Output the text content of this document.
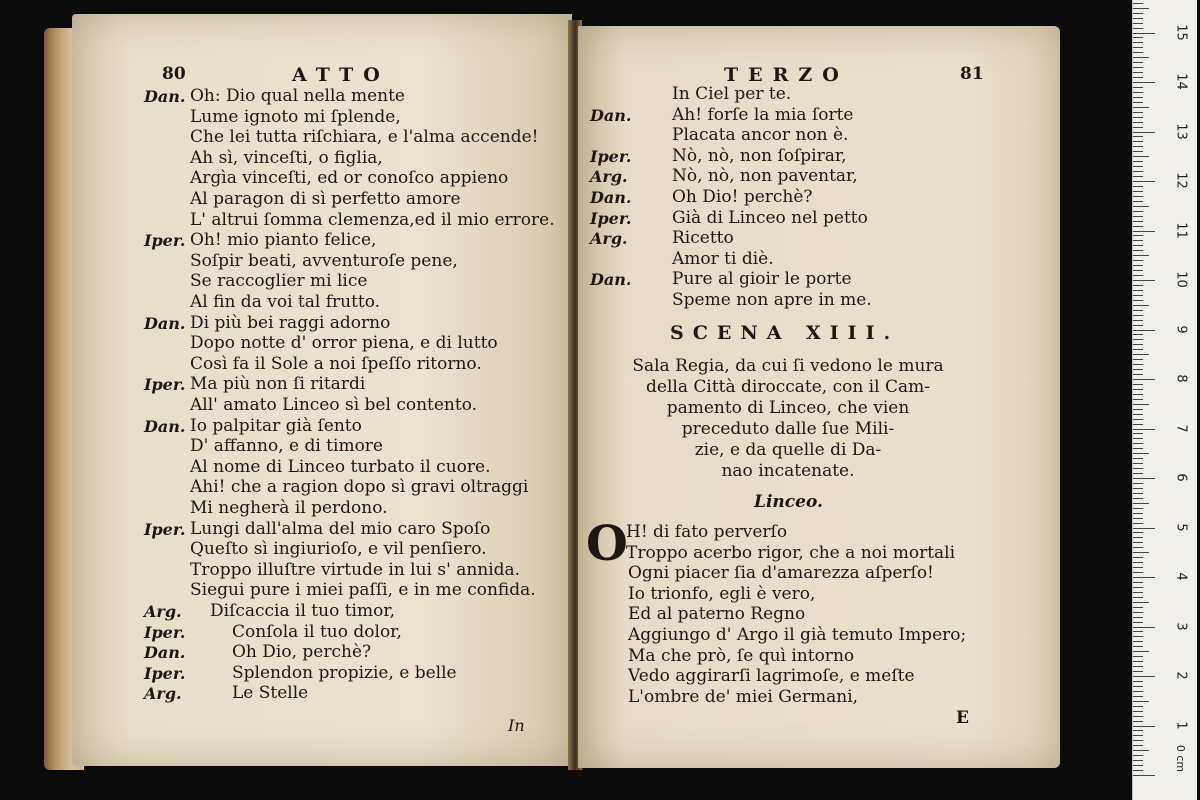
80	ATTO
Dan. Oh: Dio qual nella mente
Lume ignoto mi ſplende,
Che lei tutta riſchiara, e l'alma accende!
Ah sì, vinceſti, o figlia,
Argìa vinceſti, ed or conoſco appieno
Al paragon di sì perfetto amore
L' altrui ſomma clemenza,ed il mio errore.
Iper. Oh! mio pianto felice,
Soſpir beati, avventuroſe pene,
Se raccoglier mi lice
Al fin da voi tal frutto.
Dan. Di più bei raggi adorno
Dopo notte d' orror piena, e di lutto
Così fa il Sole a noi ſpeſſo ritorno.
Iper. Ma più non ſi ritardi
All' amato Linceo sì bel contento.
Dan. Io palpitar già ſento
D' affanno, e di timore
Al nome di Linceo turbato il cuore.
Ahi! che a ragion dopo sì gravi oltraggi
Mi negherà il perdono.
Iper. Lungi dall'alma del mio caro Spoſo
Queſto sì ingiurioſo, e vil penſiero.
Troppo illuſtre virtude in lui s' annida.
Siegui pure i miei paſſi, e in me confida.
Arg. Diſcaccia il tuo timor,
Iper.	Conſola il tuo dolor,
Dan.	Oh Dio, perchè?
Iper.	Splendon propizie, e belle
Arg.	Le Stelle
In
TERZO	81
In Ciel per te.
Dan. Ah! forſe la mia ſorte
Placata ancor non è.
Iper. Nò, nò, non ſoſpirar,
Arg.	Nò, nò, non paventar,
Dan. Oh Dio! perchè?
Iper. Già di Linceo nel petto
Arg.	Ricetto
Amor ti diè.
Dan. Pure al gioir le porte
Speme non apre in me.
SCENA XIII.
Sala Regia, da cui ſi vedono le mura
della Città diroccate, con il Cam-
pamento di Linceo, che vien
preceduto dalle ſue Mili-
zie, e da quelle di Da-
nao incatenate.
Linceo.
O
H! di fato perverſo
Troppo acerbo rigor, che a noi mortali
Ogni piacer ſia d'amarezza aſperſo!
Io trionfo, egli è vero,
Ed al paterno Regno
Aggiungo d' Argo il già temuto Impero;
Ma che prò, ſe quì intorno
Vedo aggirarſi lagrimoſe, e meſte
L'ombre de' miei Germani,
E
0 cm
15
14
13
12
11
10
9
8
7
6
5
4
3
2
1
